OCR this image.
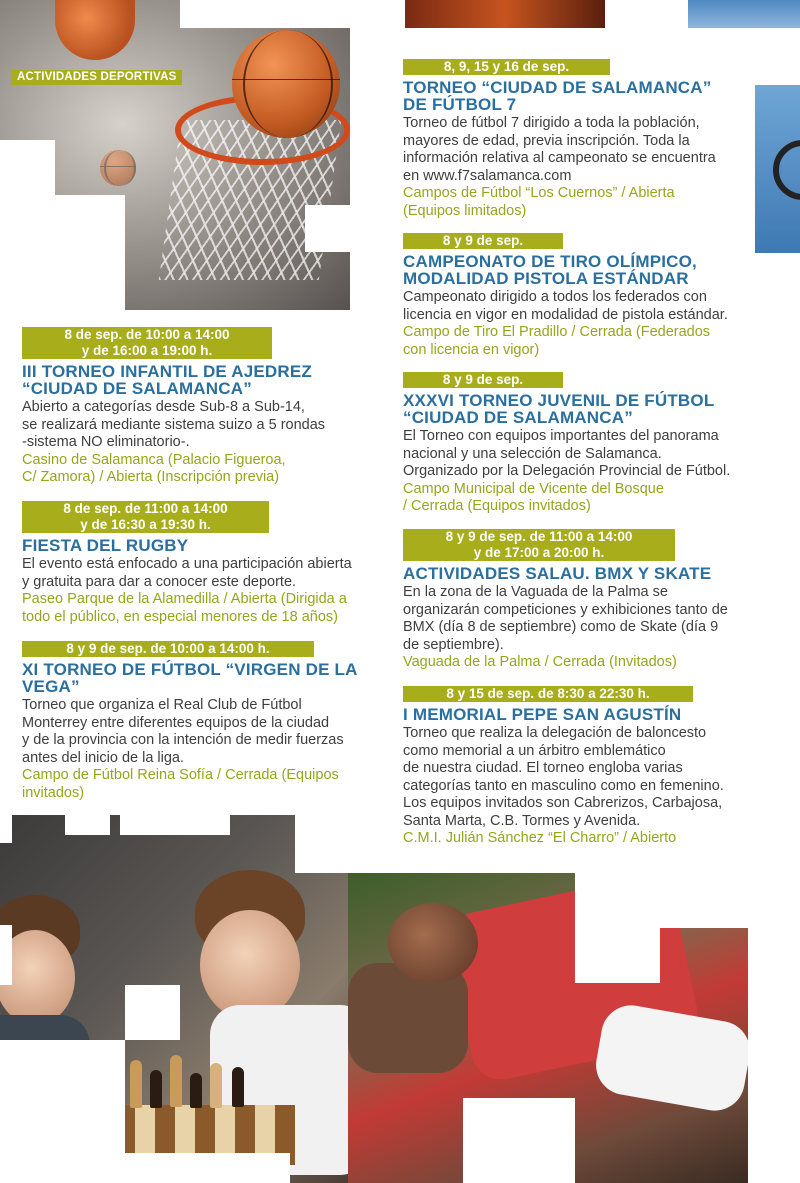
ACTIVIDADES DEPORTIVAS
8 de sep. de 10:00 a 14:00
y de 16:00 a 19:00 h.
III TORNEO INFANTIL DE AJEDREZ
“CIUDAD DE SALAMANCA”
Abierto a categorías desde Sub-8 a Sub-14,
se realizará mediante sistema suizo a 5 rondas
-sistema NO eliminatorio-.
Casino de Salamanca (Palacio Figueroa,
C/ Zamora) / Abierta (Inscripción previa)
8 de sep. de 11:00 a 14:00
y de 16:30 a 19:30 h.
FIESTA DEL RUGBY
El evento está enfocado a una participación abierta
y gratuita para dar a conocer este deporte.
Paseo Parque de la Alamedilla / Abierta (Dirigida a
todo el público, en especial menores de 18 años)
8 y 9 de sep. de 10:00 a 14:00 h.
XI TORNEO DE FÚTBOL “VIRGEN DE LA
VEGA”
Torneo que organiza el Real Club de Fútbol
Monterrey entre diferentes equipos de la ciudad
y de la provincia con la intención de medir fuerzas
antes del inicio de la liga.
Campo de Fútbol Reina Sofía / Cerrada (Equipos
invitados)
8, 9, 15 y 16 de sep.
TORNEO “CIUDAD DE SALAMANCA”
DE FÚTBOL 7
Torneo de fútbol 7 dirigido a toda la población,
mayores de edad, previa inscripción. Toda la
información relativa al campeonato se encuentra
en www.f7salamanca.com
Campos de Fútbol “Los Cuernos” / Abierta
(Equipos limitados)
8 y 9 de sep.
CAMPEONATO DE TIRO OLÍMPICO,
MODALIDAD PISTOLA ESTÁNDAR
Campeonato dirigido a todos los federados con
licencia en vigor en modalidad de pistola estándar.
Campo de Tiro El Pradillo / Cerrada (Federados
con licencia en vigor)
8 y 9 de sep.
XXXVI TORNEO JUVENIL DE FÚTBOL
“CIUDAD DE SALAMANCA”
El Torneo con equipos importantes del panorama
nacional y una selección de Salamanca.
Organizado por la Delegación Provincial de Fútbol.
Campo Municipal de Vicente del Bosque
/ Cerrada (Equipos invitados)
8 y 9 de sep. de 11:00 a 14:00
y de 17:00 a 20:00 h.
ACTIVIDADES SALAU. BMX Y SKATE
En la zona de la Vaguada de la Palma se
organizarán competiciones y exhibiciones tanto de
BMX (día 8 de septiembre) como de Skate (día 9
de septiembre).
Vaguada de la Palma / Cerrada (Invitados)
8 y 15 de sep. de 8:30 a 22:30 h.
I MEMORIAL PEPE SAN AGUSTÍN
Torneo que realiza la delegación de baloncesto
como memorial a un árbitro emblemático
de nuestra ciudad. El torneo engloba varias
categorías tanto en masculino como en femenino.
Los equipos invitados son Cabrerizos, Carbajosa,
Santa Marta, C.B. Tormes y Avenida.
C.M.I. Julián Sánchez “El Charro” / Abierto
